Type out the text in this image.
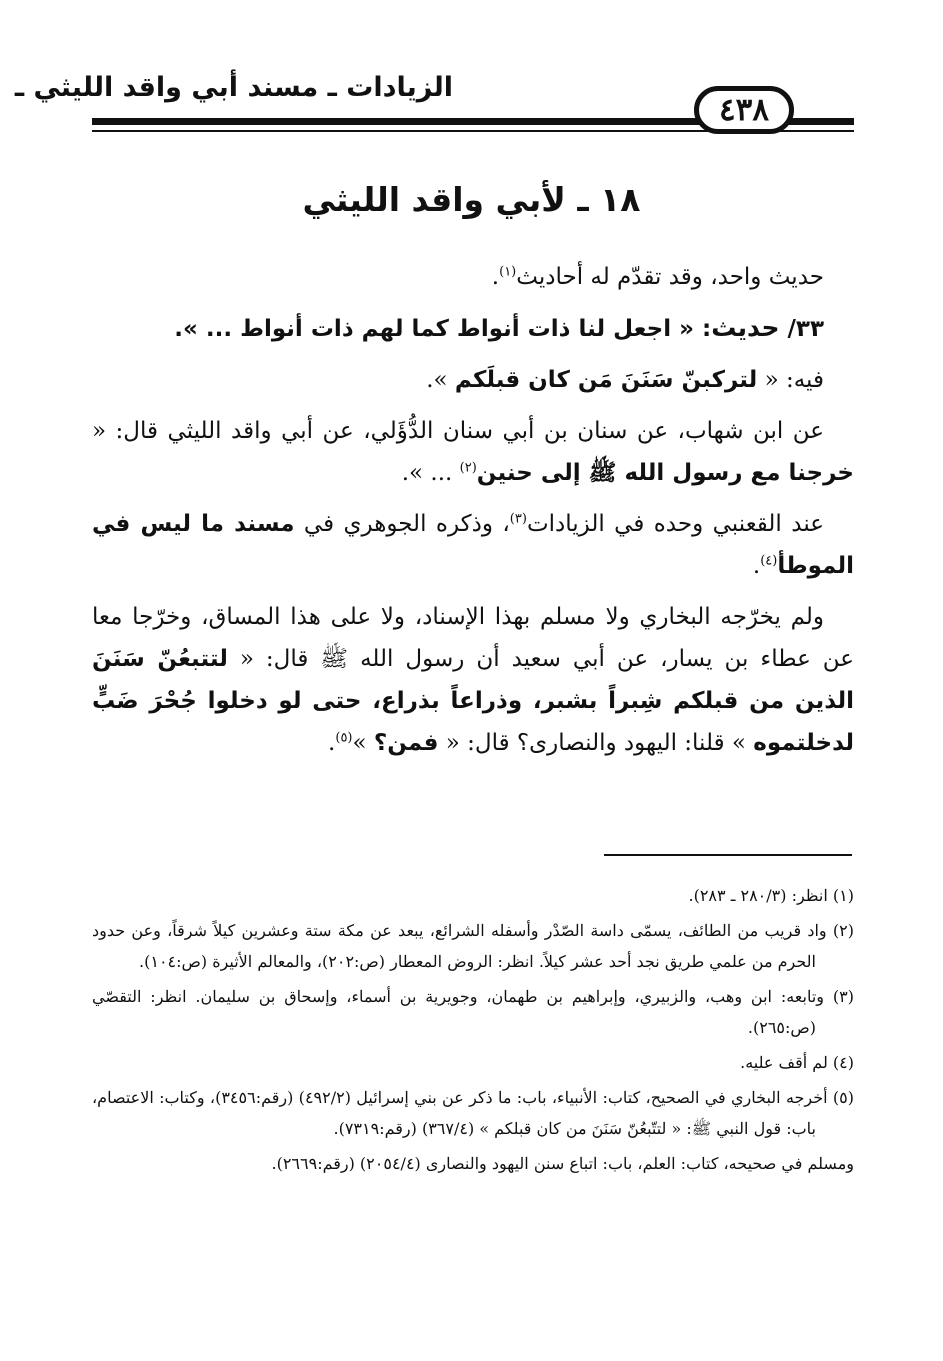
الزيادات ـ مسند أبي واقد الليثي ـ
٤٣٨
١٨ ـ لأبي واقد الليثي

حديث واحد، وقد تقدّم له أحاديث$^{(١)}$.

٣٣/ حديث: « اجعل لنا ذات أنواط كما لهم ذات أنواط ... ».

فيه: « لتركبنّ سَنَنَ مَن كان قبلَكم ».

عن ابن شهاب، عن سنان بن أبي سنان الدُّؤَلي، عن أبي واقد الليثي قال: « خرجنا مع رسول الله ﷺ إلى حنين$^{(٢)}$ ... ».

عند القعنبي وحده في الزيادات$^{(٣)}$، وذكره الجوهري في مسند ما ليس في الموطأ$^{(٤)}$.

ولم يخرّجه البخاري ولا مسلم بهذا الإسناد، ولا على هذا المساق، وخرّجا معا عن عطاء بن يسار، عن أبي سعيد أن رسول الله ﷺ قال: « لتتبعُنّ سَنَنَ الذين من قبلكم شِبراً بشبر، وذراعاً بذراع، حتى لو دخلوا جُحْرَ ضَبٍّ لدخلتموه » قلنا: اليهود والنصارى؟ قال: « فمن؟ »$^{(٥)}$.

(١) انظر: (٢٨٠/٣ ـ ٢٨٣).
(٢) واد قريب من الطائف، يسمّى داسة الصّدْر وأسفله الشرائع، يبعد عن مكة ستة وعشرين كيلاً شرقاً، وعن حدود الحرم من علمي طريق نجد أحد عشر كيلاً. انظر: الروض المعطار (ص:٢٠٢)، والمعالم الأثيرة (ص:١٠٤).
(٣) وتابعه: ابن وهب، والزبيري، وإبراهيم بن طهمان، وجويرية بن أسماء، وإسحاق بن سليمان. انظر: التقصّي (ص:٢٦٥).
(٤) لم أقف عليه.
(٥) أخرجه البخاري في الصحيح، كتاب: الأنبياء، باب: ما ذكر عن بني إسرائيل (٤٩٢/٢) (رقم:٣٤٥٦)، وكتاب: الاعتصام، باب: قول النبي ﷺ: « لتتّبعُنّ سَنَنَ من كان قبلكم » (٣٦٧/٤) (رقم:٧٣١٩).
ومسلم في صحيحه، كتاب: العلم، باب: اتباع سنن اليهود والنصارى (٢٠٥٤/٤) (رقم:٢٦٦٩).
